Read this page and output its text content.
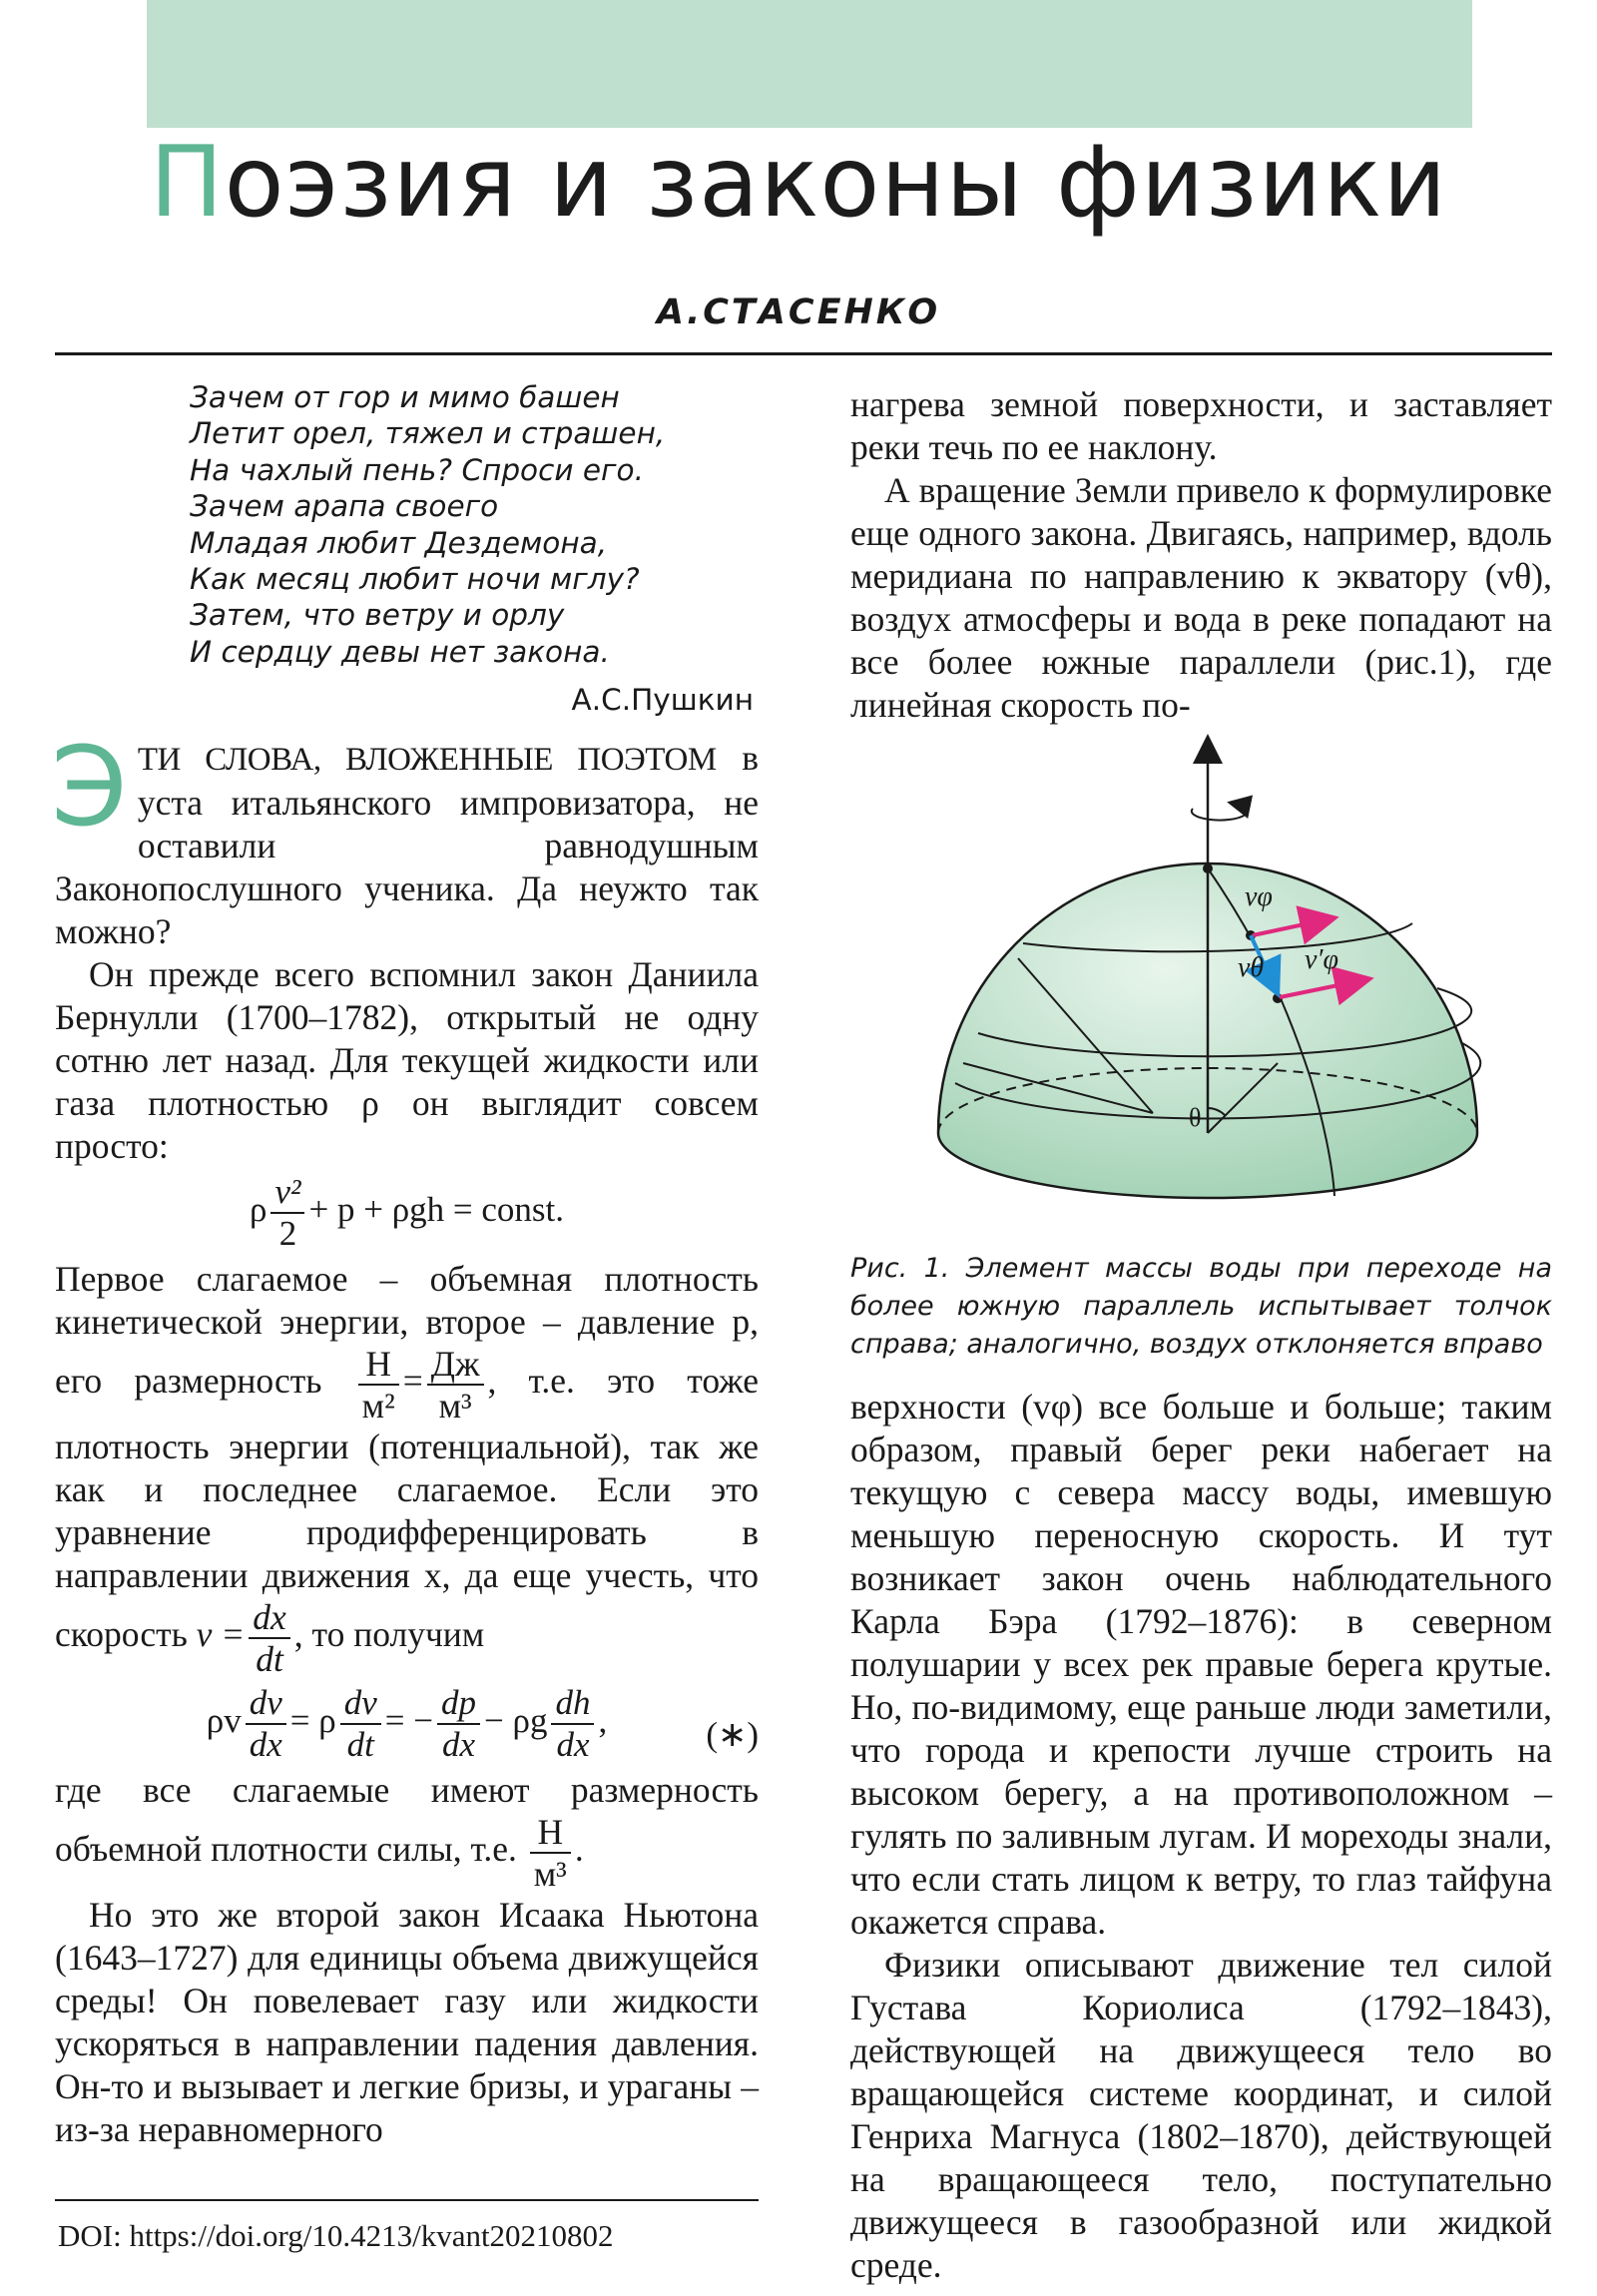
Поэзия и законы физики
А.СТАСЕНКО
Зачем от гор и мимо башен
Летит орел, тяжел и страшен,
На чахлый пень? Спроси его.
Зачем арапа своего
Младая любит Дездемона,
Как месяц любит ночи мглу?
Затем, что ветру и орлу
И сердцу девы нет закона.
А.С.Пушкин

ЭТИ СЛОВА, ВЛОЖЕННЫЕ ПОЭТОМ в уста итальянского импровизатора, не оставили равнодушным Законопослушного ученика. Да неужто так можно?

Он прежде всего вспомнил закон Даниила Бернулли (1700–1782), открытый не одну сотню лет назад. Для текущей жидкости или газа плотностью ρ он выглядит совсем просто:

ρ $\frac{\text{v²}}{2} + p + \rho gh$ = const.

Первое слагаемое – объемная плотность кинетической энергии, второе – давление p, его размерность $\frac{Н}{\text{м²}} = \frac{Дж}{\text{м³}}$ , т.е. это тоже плотность энергии (потенциальной), так же как и последнее слагаемое. Если это уравнение продифференцировать в направлении движения x, да еще учесть, что скорость $v = \frac{dx}{dt}$ , то получим

ρv $\frac{dv}{dx} = \rho \frac{dv}{dt}$ = − $\frac{dp}{dx} - \rho g \frac{dh}{dx}$ ,	(∗)

где все слагаемые имеют размерность объемной плотности силы, т.е. $\frac{Н}{\text{м³}}$ .

Но это же второй закон Исаака Ньютона (1643–1727) для единицы объема движущейся среды! Он повелевает газу или жидкости ускоряться в направлении падения давления. Он-то и вызывает и легкие бризы, и ураганы – из-за неравномерного

нагрева земной поверхности, и заставляет реки течь по ее наклону.

А вращение Земли привело к формулировке еще одного закона. Двигаясь, например, вдоль меридиана по направлению к экватору (vθ), воздух атмосферы и вода в реке попадают на все более южные параллели (рис.1), где линейная скорость по-

vφ
vθ v′φ
θ
Рис. 1. Элемент массы воды при переходе на более южную параллель испытывает толчок справа; аналогично, воздух отклоняется вправо

верхности (vφ) все больше и больше; таким образом, правый берег реки набегает на текущую с севера массу воды, имевшую меньшую переносную скорость. И тут возникает закон очень наблюдательного Карла Бэра (1792–1876): в северном полушарии у всех рек правые берега крутые. Но, по-видимому, еще раньше люди заметили, что города и крепости лучше строить на высоком берегу, а на противоположном – гулять по заливным лугам. И мореходы знали, что если стать лицом к ветру, то глаз тайфуна окажется справа.

Физики описывают движение тел силой Густава Кориолиса (1792–1843), действующей на движущееся тело во вращающейся системе координат, и силой Генриха Магнуса (1802–1870), действующей на вращающееся тело, поступательно движущееся в газообразной или жидкой среде.

DOI: https://doi.org/10.4213/kvant20210802
